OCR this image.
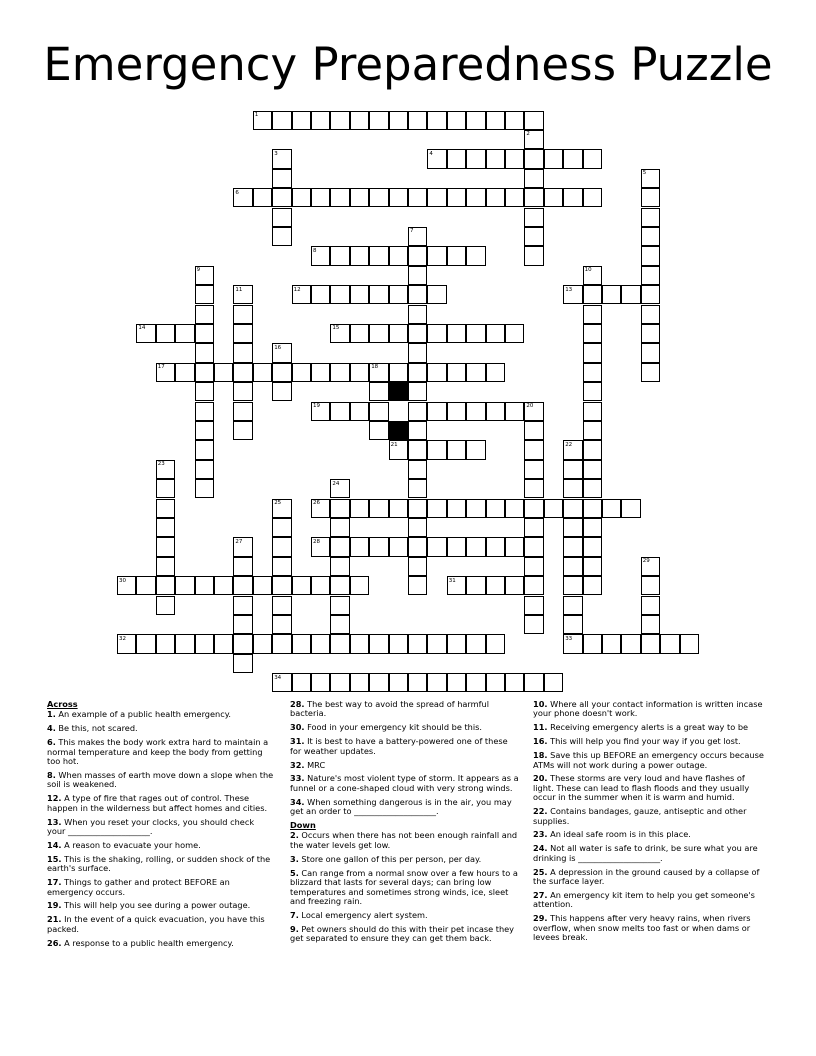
Emergency Preparedness Puzzle
1
2
3	4
5
6
7
8
9	10
11	12	13
14	15
16
17	18
19	20
21	22
23
24
25	26
27	28
29
30	31
32	33
34
Across
1. An example of a public health emergency.
4. Be this, not scared.
6. This makes the body work extra hard to maintain a normal temperature and keep the body from getting too hot.
8. When masses of earth move down a slope when the soil is weakened.
12. A type of fire that rages out of control. These happen in the wilderness but affect homes and cities.
13. When you reset your clocks, you should check your ____________________.
14. A reason to evacuate your home.
15. This is the shaking, rolling, or sudden shock of the earth's surface.
17. Things to gather and protect BEFORE an emergency occurs.
19. This will help you see during a power outage.
21. In the event of a quick evacuation, you have this packed.
26. A response to a public health emergency.
28. The best way to avoid the spread of harmful bacteria.
30. Food in your emergency kit should be this.
31. It is best to have a battery-powered one of these for weather updates.
32. MRC
33. Nature's most violent type of storm. It appears as a funnel or a cone-shaped cloud with very strong winds.
34. When something dangerous is in the air, you may get an order to ____________________.
Down
2. Occurs when there has not been enough rainfall and the water levels get low.
3. Store one gallon of this per person, per day.
5. Can range from a normal snow over a few hours to a blizzard that lasts for several days; can bring low temperatures and sometimes strong winds, ice, sleet and freezing rain.
7. Local emergency alert system.
9. Pet owners should do this with their pet incase they get separated to ensure they can get them back.
10. Where all your contact information is written incase your phone doesn't work.
11. Receiving emergency alerts is a great way to be
16. This will help you find your way if you get lost.
18. Save this up BEFORE an emergency occurs because ATMs will not work during a power outage.
20. These storms are very loud and have flashes of light. These can lead to flash floods and they usually occur in the summer when it is warm and humid.
22. Contains bandages, gauze, antiseptic and other supplies.
23. An ideal safe room is in this place.
24. Not all water is safe to drink, be sure what you are drinking is ____________________.
25. A depression in the ground caused by a collapse of the surface layer.
27. An emergency kit item to help you get someone's attention.
29. This happens after very heavy rains, when rivers overflow, when snow melts too fast or when dams or levees break.
